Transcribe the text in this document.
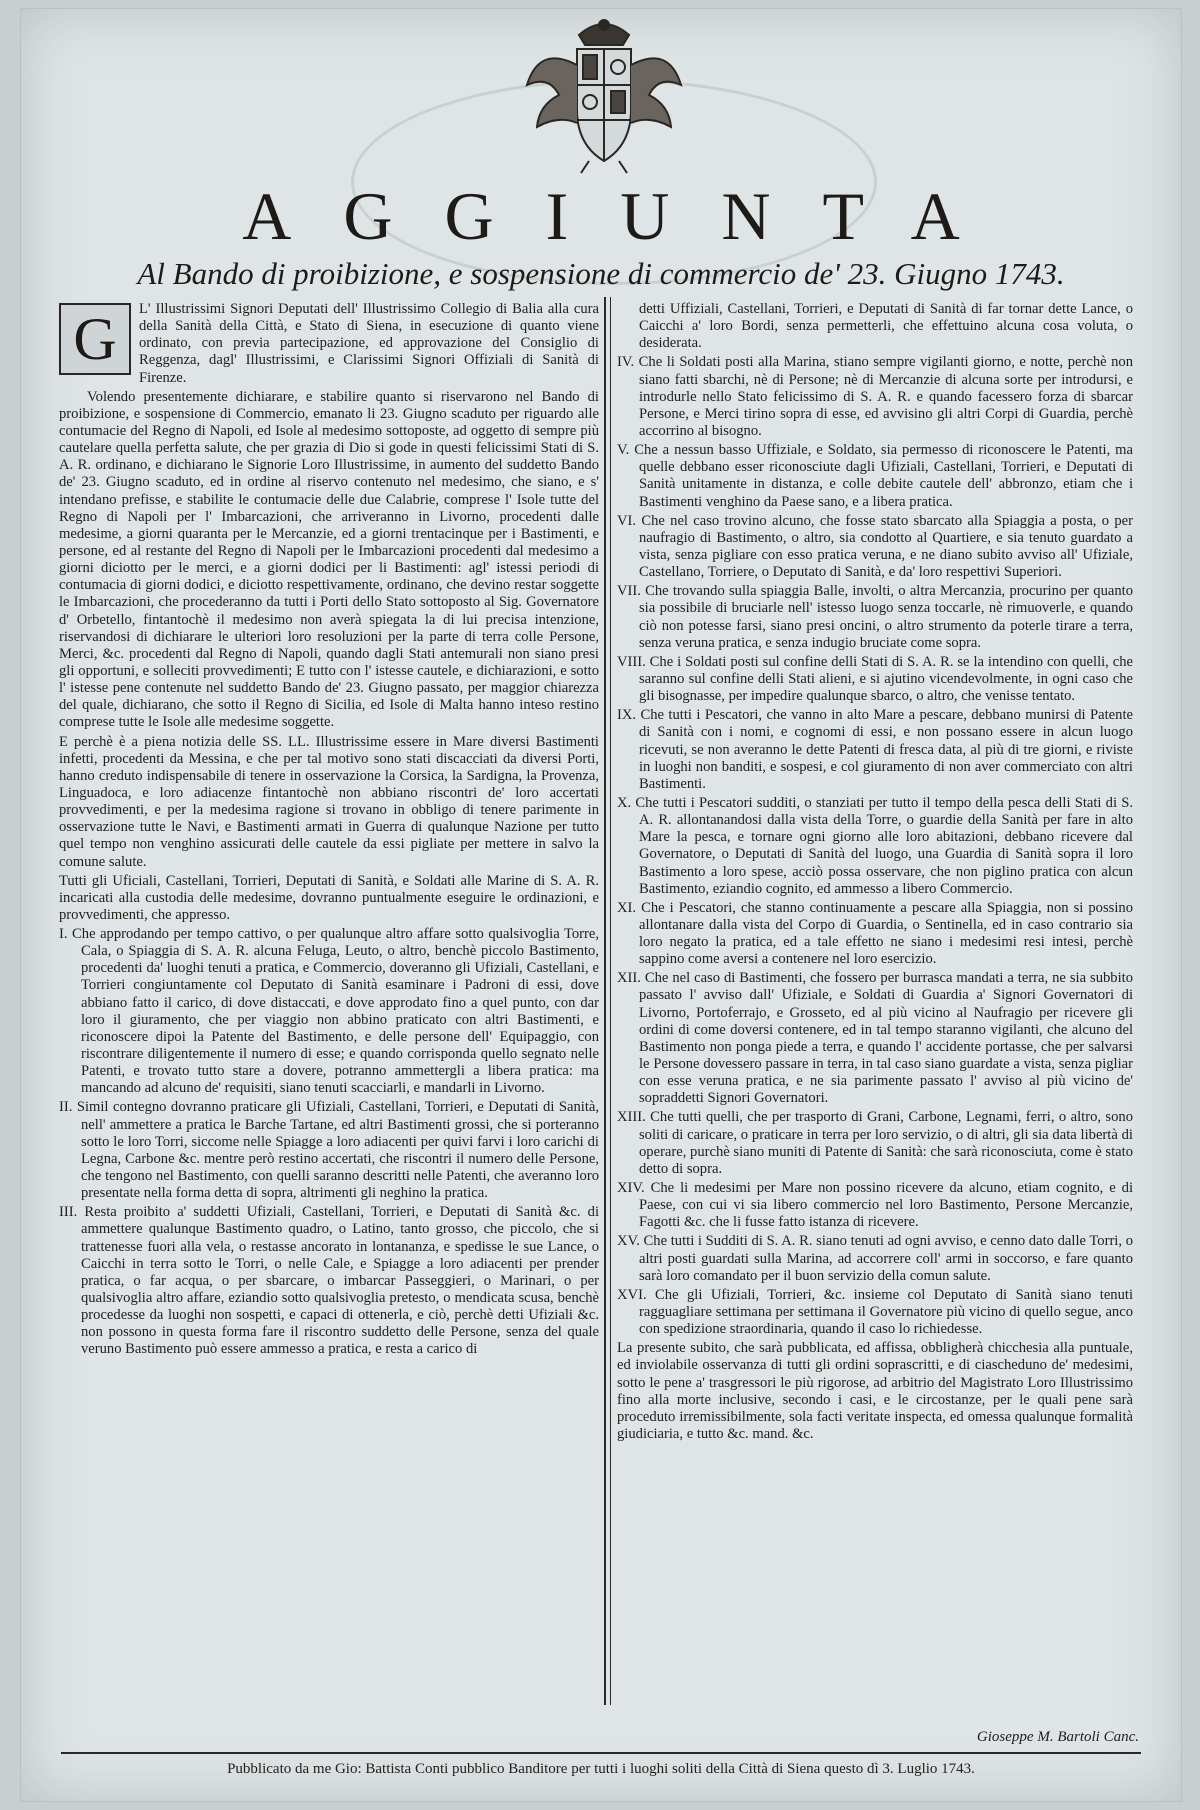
AGGIUNTA
Al Bando di proibizione, e sospensione di commercio de' 23. Giugno 1743.

G	L' Illustrissimi Signori Deputati dell' Illustrissimo Collegio di Balia alla cura della Sanità della Città, e Stato di Siena, in esecuzione di quanto viene ordinato, con previa partecipazione, ed approvazione del Consiglio di Reggenza, dagl' Illustrissimi, e Clarissimi Signori Offiziali di Sanità di Firenze.

Volendo presentemente dichiarare, e stabilire quanto si riservarono nel Bando di proibizione, e sospensione di Commercio, emanato li 23. Giugno scaduto per riguardo alle contumacie del Regno di Napoli, ed Isole al medesimo sottoposte, ad oggetto di sempre più cautelare quella perfetta salute, che per grazia di Dio si gode in questi felicissimi Stati di S. A. R. ordinano, e dichiarano le Signorie Loro Illustrissime, in aumento del suddetto Bando de' 23. Giugno scaduto, ed in ordine al riservo contenuto nel medesimo, che siano, e s' intendano prefisse, e stabilite le contumacie delle due Calabrie, comprese l' Isole tutte del Regno di Napoli per l' Imbarcazioni, che arriveranno in Livorno, procedenti dalle medesime, a giorni quaranta per le Mercanzie, ed a giorni trentacinque per i Bastimenti, e persone, ed al restante del Regno di Napoli per le Imbarcazioni procedenti dal medesimo a giorni diciotto per le merci, e a giorni dodici per li Bastimenti: agl' istessi periodi di contumacia di giorni dodici, e diciotto respettivamente, ordinano, che devino restar soggette le Imbarcazioni, che procederanno da tutti i Porti dello Stato sottoposto al Sig. Governatore d' Orbetello, fintantochè il medesimo non averà spiegata la di lui precisa intenzione, riservandosi di dichiarare le ulteriori loro resoluzioni per la parte di terra colle Persone, Merci, &c. procedenti dal Regno di Napoli, quando dagli Stati antemurali non siano presi gli opportuni, e solleciti provvedimenti; E tutto con l' istesse cautele, e dichiarazioni, e sotto l' istesse pene contenute nel suddetto Bando de' 23. Giugno passato, per maggior chiarezza del quale, dichiarano, che sotto il Regno di Sicilia, ed Isole di Malta hanno inteso restino comprese tutte le Isole alle medesime soggette.

E perchè è a piena notizia delle SS. LL. Illustrissime essere in Mare diversi Bastimenti infetti, procedenti da Messina, e che per tal motivo sono stati discacciati da diversi Porti, hanno creduto indispensabile di tenere in osservazione la Corsica, la Sardigna, la Provenza, Linguadoca, e loro adiacenze fintantochè non abbiano riscontri de' loro accertati provvedimenti, e per la medesima ragione si trovano in obbligo di tenere parimente in osservazione tutte le Navi, e Bastimenti armati in Guerra di qualunque Nazione per tutto quel tempo non venghino assicurati delle cautele da essi pigliate per mettere in salvo la comune salute.

Tutti gli Uficiali, Castellani, Torrieri, Deputati di Sanità, e Soldati alle Marine di S. A. R. incaricati alla custodia delle medesime, dovranno puntualmente eseguire le ordinazioni, e provvedimenti, che appresso.

I. Che approdando per tempo cattivo, o per qualunque altro affare sotto qualsivoglia Torre, Cala, o Spiaggia di S. A. R. alcuna Feluga, Leuto, o altro, benchè piccolo Bastimento, procedenti da' luoghi tenuti a pratica, e Commercio, doveranno gli Ufiziali, Castellani, e Torrieri congiuntamente col Deputato di Sanità esaminare i Padroni di essi, dove abbiano fatto il carico, di dove distaccati, e dove approdato fino a quel punto, con dar loro il giuramento, che per viaggio non abbino praticato con altri Bastimenti, e riconoscere dipoi la Patente del Bastimento, e delle persone dell' Equipaggio, con riscontrare diligentemente il numero di esse; e quando corrisponda quello segnato nelle Patenti, e trovato tutto stare a dovere, potranno ammettergli a libera pratica: ma mancando ad alcuno de' requisiti, siano tenuti scacciarli, e mandarli in Livorno.

II. Simil contegno dovranno praticare gli Ufiziali, Castellani, Torrieri, e Deputati di Sanità, nell' ammettere a pratica le Barche Tartane, ed altri Bastimenti grossi, che si porteranno sotto le loro Torri, siccome nelle Spiagge a loro adiacenti per quivi farvi i loro carichi di Legna, Carbone &c. mentre però restino accertati, che riscontri il numero delle Persone, che tengono nel Bastimento, con quelli saranno descritti nelle Patenti, che averanno loro presentate nella forma detta di sopra, altrimenti gli neghino la pratica.

III. Resta proibito a' suddetti Ufiziali, Castellani, Torrieri, e Deputati di Sanità &c. di ammettere qualunque Bastimento quadro, o Latino, tanto grosso, che piccolo, che si trattenesse fuori alla vela, o restasse ancorato in lontananza, e spedisse le sue Lance, o Caicchi in terra sotto le Torri, o nelle Cale, e Spiagge a loro adiacenti per prender pratica, o far acqua, o per sbarcare, o imbarcar Passeggieri, o Marinari, o per qualsivoglia altro affare, eziandio sotto qualsivoglia pretesto, o mendicata scusa, benchè procedesse da luoghi non sospetti, e capaci di ottenerla, e ciò, perchè detti Ufiziali &c. non possono in questa forma fare il riscontro suddetto delle Persone, senza del quale veruno Bastimento può essere ammesso a pratica, e resta a carico di

detti Uffiziali, Castellani, Torrieri, e Deputati di Sanità di far tornar dette Lance, o Caicchi a' loro Bordi, senza permetterli, che effettuino alcuna cosa voluta, o desiderata.

IV. Che li Soldati posti alla Marina, stiano sempre vigilanti giorno, e notte, perchè non siano fatti sbarchi, nè di Persone; nè di Mercanzie di alcuna sorte per introdursi, e introdurle nello Stato felicissimo di S. A. R. e quando facessero forza di sbarcar Persone, e Merci tirino sopra di esse, ed avvisino gli altri Corpi di Guardia, perchè accorrino al bisogno.

V. Che a nessun basso Uffiziale, e Soldato, sia permesso di riconoscere le Patenti, ma quelle debbano esser riconosciute dagli Ufiziali, Castellani, Torrieri, e Deputati di Sanità unitamente in distanza, e colle debite cautele dell' abbronzo, etiam che i Bastimenti venghino da Paese sano, e a libera pratica.

VI. Che nel caso trovino alcuno, che fosse stato sbarcato alla Spiaggia a posta, o per naufragio di Bastimento, o altro, sia condotto al Quartiere, e sia tenuto guardato a vista, senza pigliare con esso pratica veruna, e ne diano subito avviso all' Ufiziale, Castellano, Torriere, o Deputato di Sanità, e da' loro respettivi Superiori.

VII. Che trovando sulla spiaggia Balle, involti, o altra Mercanzia, procurino per quanto sia possibile di bruciarle nell' istesso luogo senza toccarle, nè rimuoverle, e quando ciò non potesse farsi, siano presi oncini, o altro strumento da poterle tirare a terra, senza veruna pratica, e senza indugio bruciate come sopra.

VIII. Che i Soldati posti sul confine delli Stati di S. A. R. se la intendino con quelli, che saranno sul confine delli Stati alieni, e si ajutino vicendevolmente, in ogni caso che gli bisognasse, per impedire qualunque sbarco, o altro, che venisse tentato.

IX. Che tutti i Pescatori, che vanno in alto Mare a pescare, debbano munirsi di Patente di Sanità con i nomi, e cognomi di essi, e non possano essere in alcun luogo ricevuti, se non averanno le dette Patenti di fresca data, al più di tre giorni, e riviste in luoghi non banditi, e sospesi, e col giuramento di non aver commerciato con altri Bastimenti.

X. Che tutti i Pescatori sudditi, o stanziati per tutto il tempo della pesca delli Stati di S. A. R. allontanandosi dalla vista della Torre, o guardie della Sanità per fare in alto Mare la pesca, e tornare ogni giorno alle loro abitazioni, debbano ricevere dal Governatore, o Deputati di Sanità del luogo, una Guardia di Sanità sopra il loro Bastimento a loro spese, acciò possa osservare, che non piglino pratica con alcun Bastimento, eziandio cognito, ed ammesso a libero Commercio.

XI. Che i Pescatori, che stanno continuamente a pescare alla Spiaggia, non si possino allontanare dalla vista del Corpo di Guardia, o Sentinella, ed in caso contrario sia loro negato la pratica, ed a tale effetto ne siano i medesimi resi intesi, perchè sappino come aversi a contenere nel loro esercizio.

XII. Che nel caso di Bastimenti, che fossero per burrasca mandati a terra, ne sia subbito passato l' avviso dall' Ufiziale, e Soldati di Guardia a' Signori Governatori di Livorno, Portoferrajo, e Grosseto, ed al più vicino al Naufragio per ricevere gli ordini di come doversi contenere, ed in tal tempo staranno vigilanti, che alcuno del Bastimento non ponga piede a terra, e quando l' accidente portasse, che per salvarsi le Persone dovessero passare in terra, in tal caso siano guardate a vista, senza pigliar con esse veruna pratica, e ne sia parimente passato l' avviso al più vicino de' sopraddetti Signori Governatori.

XIII. Che tutti quelli, che per trasporto di Grani, Carbone, Legnami, ferri, o altro, sono soliti di caricare, o praticare in terra per loro servizio, o di altri, gli sia data libertà di operare, purchè siano muniti di Patente di Sanità: che sarà riconosciuta, come è stato detto di sopra.

XIV. Che li medesimi per Mare non possino ricevere da alcuno, etiam cognito, e di Paese, con cui vi sia libero commercio nel loro Bastimento, Persone Mercanzie, Fagotti &c. che li fusse fatto istanza di ricevere.

XV. Che tutti i Sudditi di S. A. R. siano tenuti ad ogni avviso, e cenno dato dalle Torri, o altri posti guardati sulla Marina, ad accorrere coll' armi in soccorso, e fare quanto sarà loro comandato per il buon servizio della comun salute.

XVI. Che gli Ufiziali, Torrieri, &c. insieme col Deputato di Sanità siano tenuti ragguagliare settimana per settimana il Governatore più vicino di quello segue, anco con spedizione straordinaria, quando il caso lo richiedesse.

La presente subito, che sarà pubblicata, ed affissa, obbligherà chicchesia alla puntuale, ed inviolabile osservanza di tutti gli ordini soprascritti, e di ciascheduno de' medesimi, sotto le pene a' trasgressori le più rigorose, ad arbitrio del Magistrato Loro Illustrissimo fino alla morte inclusive, secondo i casi, e le circostanze, per le quali pene sarà proceduto irremissibilmente, sola facti veritate inspecta, ed omessa qualunque formalità giudiciaria, e tutto &c. mand. &c.

Gioseppe M. Bartoli Canc.
Pubblicato da me Gio: Battista Conti pubblico Banditore per tutti i luoghi soliti della Città di Siena questo dì 3. Luglio 1743.
